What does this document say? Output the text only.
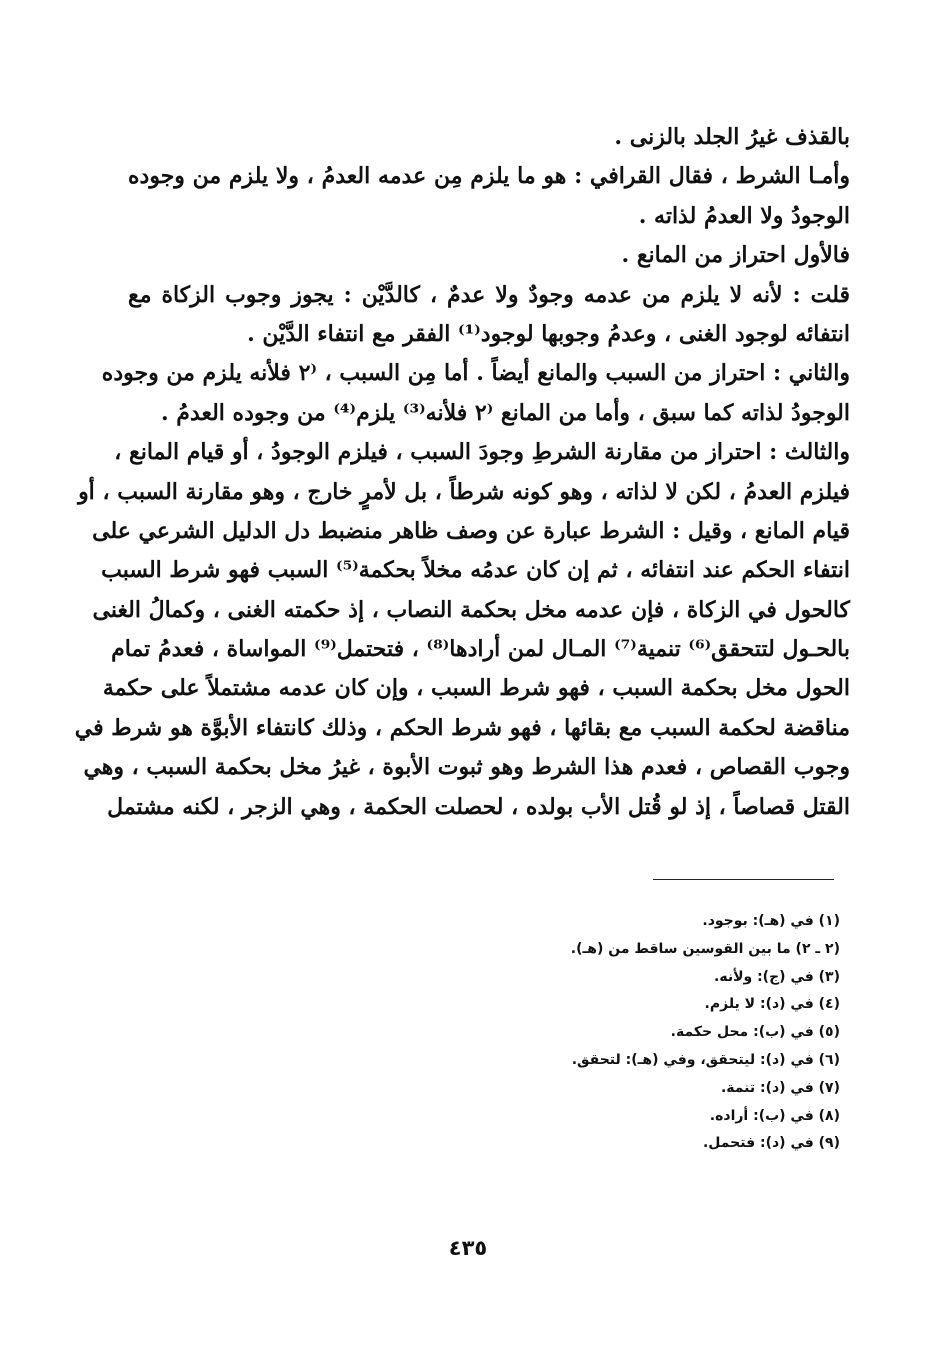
بالقذف غيرُ الجلد بالزنى .
وأمـا الشرط ، فقال القرافي : هو ما يلزم مِن عدمه العدمُ ، ولا يلزم من وجوده
الوجودُ ولا العدمُ لذاته .
فالأول احتراز من المانع .
قلت : لأنه لا يلزم من عدمه وجودٌ ولا عدمٌ ، كالدَّيْن : يجوز وجوب الزكاة مع
انتفائه لوجود الغنى ، وعدمُ وجوبها لوجود⁽¹⁾ الفقر مع انتفاء الدَّيْن .
والثاني : احتراز من السبب والمانع أيضاً . أما مِن السبب ، ⁽٢ فلأنه يلزم من وجوده
الوجودُ لذاته كما سبق ، وأما من المانع ⁽٢ فلأنه⁽³⁾ يلزم⁽⁴⁾ من وجوده العدمُ .
والثالث : احتراز من مقارنة الشرطِ وجودَ السبب ، فيلزم الوجودُ ، أو قيام المانع ،
فيلزم العدمُ ، لكن لا لذاته ، وهو كونه شرطاً ، بل لأمرٍ خارج ، وهو مقارنة السبب ، أو
قيام المانع ، وقيل : الشرط عبارة عن وصف ظاهر منضبط دل الدليل الشرعي على
انتفاء الحكم عند انتفائه ، ثم إن كان عدمُه مخلاً بحكمة⁽⁵⁾ السبب فهو شرط السبب
كالحول في الزكاة ، فإن عدمه مخل بحكمة النصاب ، إذ حكمته الغنى ، وكمالُ الغنى
بالحـول لتتحقق⁽⁶⁾ تنمية⁽⁷⁾ المـال لمن أرادها⁽⁸⁾ ، فتحتمل⁽⁹⁾ المواساة ، فعدمُ تمام
الحول مخل بحكمة السبب ، فهو شرط السبب ، وإن كان عدمه مشتملاً على حكمة
مناقضة لحكمة السبب مع بقائها ، فهو شرط الحكم ، وذلك كانتفاء الأبوَّة هو شرط في
وجوب القصاص ، فعدم هذا الشرط وهو ثبوت الأبوة ، غيرُ مخل بحكمة السبب ، وهي
القتل قصاصاً ، إذ لو قُتل الأب بولده ، لحصلت الحكمة ، وهي الزجر ، لكنه مشتمل
(١) في (هـ): بوجود.
(٢ ـ ٢) ما بين القوسين ساقط من (هـ).
(٣) في (ج): ولأنه.
(٤) في (د): لا يلزم.
(٥) في (ب): محل حكمة.
(٦) في (د): ليتحقق، وفي (هـ): لتحقق.
(٧) في (د): تنمة.
(٨) في (ب): أراده.
(٩) في (د): فتحمل.
٤٣٥
